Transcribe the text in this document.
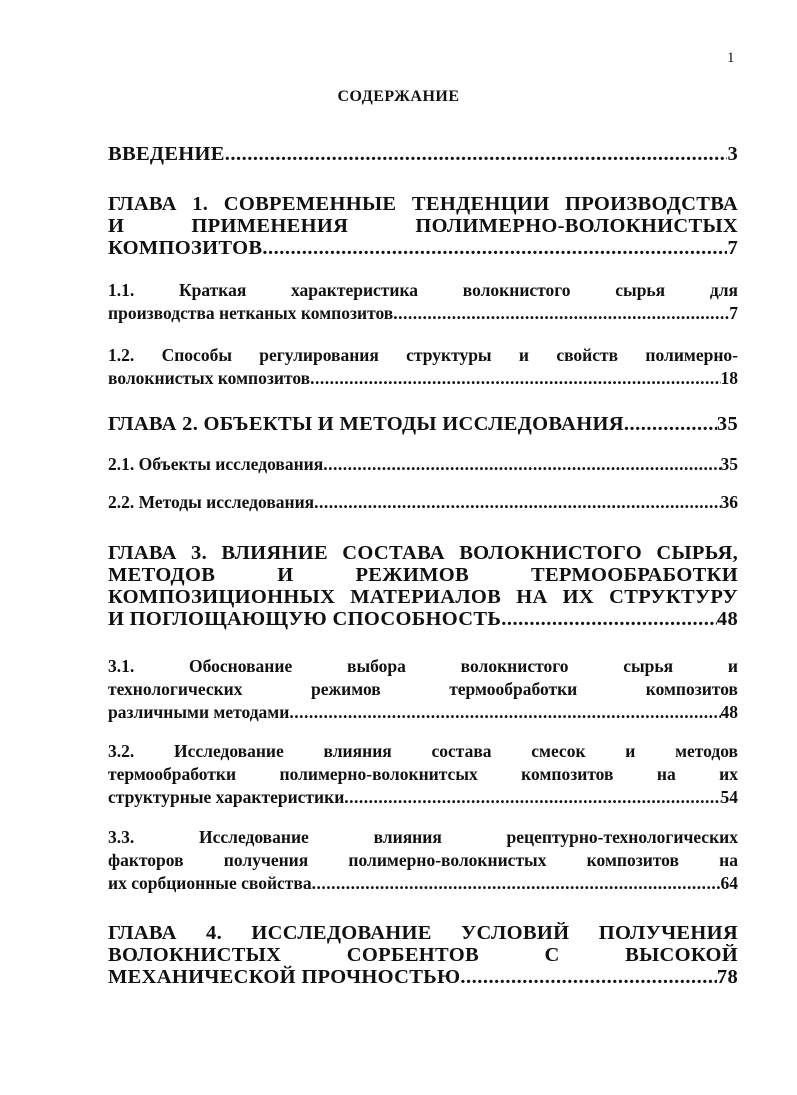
1
СОДЕРЖАНИЕ
ВВЕДЕНИЕ .....	3
ГЛАВА 1. СОВРЕМЕННЫЕ ТЕНДЕНЦИИ ПРОИЗВОДСТВА
И ПРИМЕНЕНИЯ ПОЛИМЕРНО-ВОЛОКНИСТЫХ
КОМПОЗИТОВ .....	7
1.1. Краткая характеристика волокнистого сырья для
производства нетканых композитов .....	7
1.2. Способы регулирования структуры и свойств полимерно-
волокнистых композитов .....	18
ГЛАВА 2. ОБЪЕКТЫ И МЕТОДЫ ИССЛЕДОВАНИЯ .....	35
2.1. Объекты исследования .....	35
2.2. Методы исследования .....	36
ГЛАВА 3. ВЛИЯНИЕ СОСТАВА ВОЛОКНИСТОГО СЫРЬЯ,
МЕТОДОВ И РЕЖИМОВ ТЕРМООБРАБОТКИ
КОМПОЗИЦИОННЫХ МАТЕРИАЛОВ НА ИХ СТРУКТУРУ
И ПОГЛОЩАЮЩУЮ СПОСОБНОСТЬ .....	48
3.1. Обоснование выбора волокнистого сырья и
технологических режимов термообработки композитов
различными методами .....	48
3.2. Исследование влияния состава смесок и методов
термообработки полимерно-волокнитсых композитов на их
структурные характеристики .....	54
3.3. Исследование влияния рецептурно-технологических
факторов получения полимерно-волокнистых композитов на
их сорбционные свойства .....	64
ГЛАВА 4. ИССЛЕДОВАНИЕ УСЛОВИЙ ПОЛУЧЕНИЯ
ВОЛОКНИСТЫХ СОРБЕНТОВ С ВЫСОКОЙ
МЕХАНИЧЕСКОЙ ПРОЧНОСТЬЮ .....	78
